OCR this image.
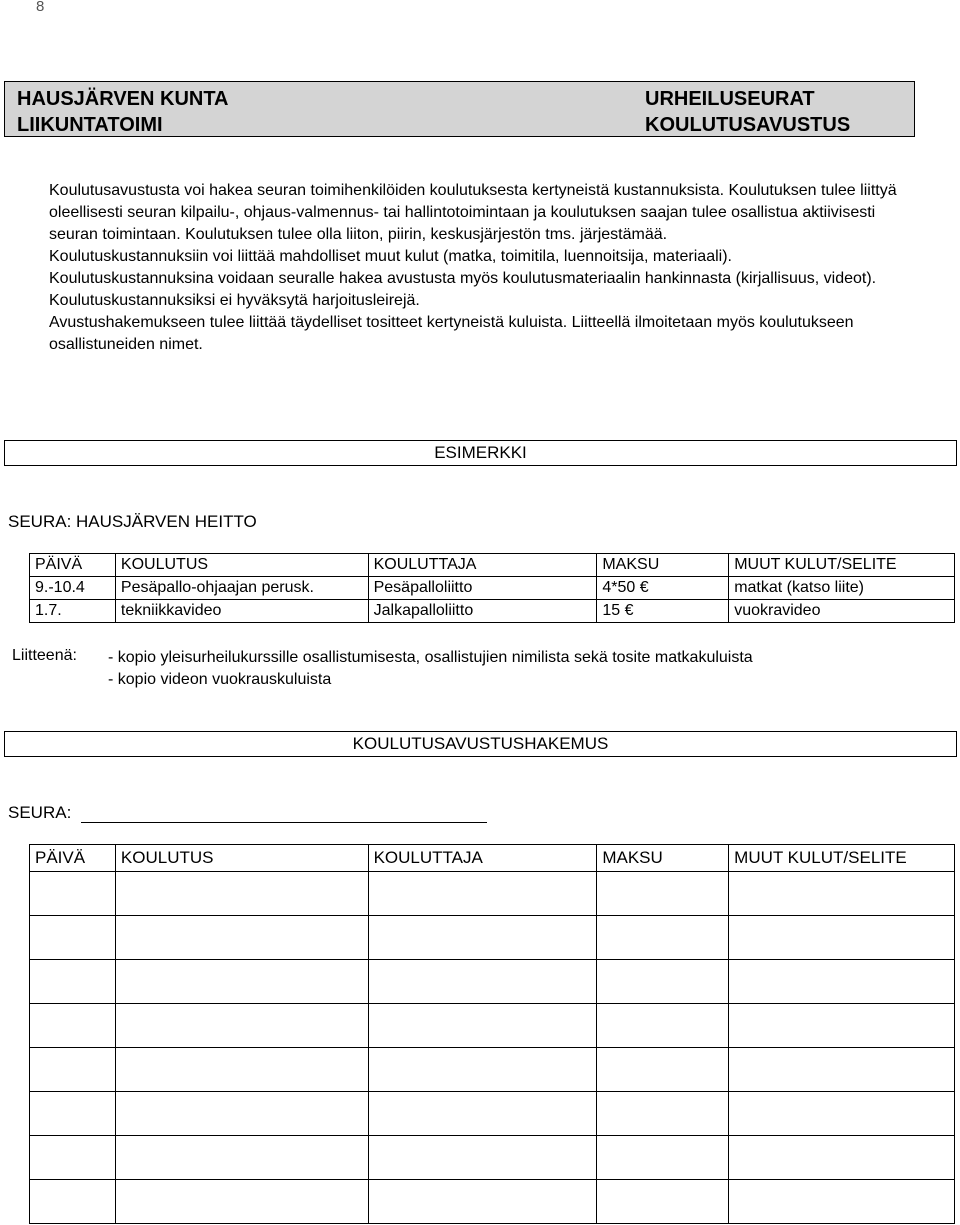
8
HAUSJÄRVEN KUNTA
LIIKUNTATOIMI
URHEILUSEURAT
KOULUTUSAVUSTUS

Koulutusavustusta voi hakea seuran toimihenkilöiden koulutuksesta kertyneistä kustannuksista. Koulutuksen tulee liittyä oleellisesti seuran kilpailu-, ohjaus-valmennus- tai hallintotoimintaan ja koulutuksen saajan tulee osallistua aktiivisesti seuran toimintaan. Koulutuksen tulee olla liiton, piirin, keskusjärjestön tms. järjestämää.

Koulutuskustannuksiin voi liittää mahdolliset muut kulut (matka, toimitila, luennoitsija, materiaali).

Koulutuskustannuksina voidaan seuralle hakea avustusta myös koulutusmateriaalin hankinnasta (kirjallisuus, videot).

Koulutuskustannuksiksi ei hyväksytä harjoitusleirejä.

Avustushakemukseen tulee liittää täydelliset tositteet kertyneistä kuluista. Liitteellä ilmoitetaan myös koulutukseen osallistuneiden nimet.

ESIMERKKI
SEURA: HAUSJÄRVEN HEITTO
PÄIVÄ	KOULUTUS	KOULUTTAJA	MAKSU	MUUT KULUT/SELITE
9.-10.4	Pesäpallo-ohjaajan perusk.	Pesäpalloliitto	4*50 €	matkat (katso liite)
1.7.	tekniikkavideo	Jalkapalloliitto	15 €	vuokravideo
Liitteenä: - kopio yleisurheilukurssille osallistumisesta, osallistujien nimilista sekä tosite matkakuluista
- kopio videon vuokrauskuluista
KOULUTUSAVUSTUSHAKEMUS
SEURA:
PÄIVÄ	KOULUTUS	KOULUTTAJA	MAKSU	MUUT KULUT/SELITE
